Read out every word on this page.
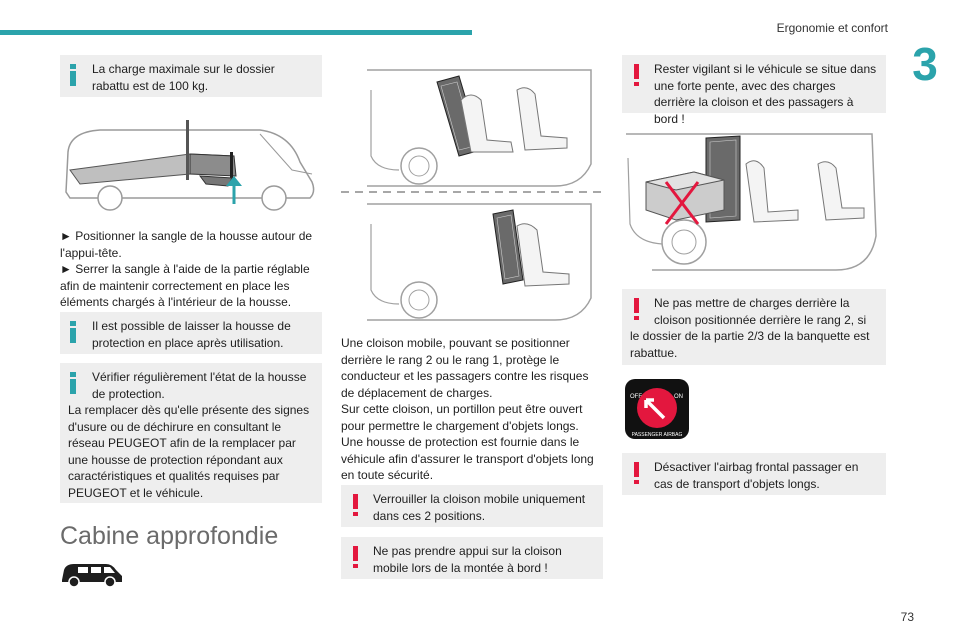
Ergonomie et confort
3
73
La charge maximale sur le dossier rabattu est de 100 kg.

► Positionner la sangle de la housse autour de l'appui-tête.

► Serrer la sangle à l'aide de la partie réglable afin de maintenir correctement en place les éléments chargés à l'intérieur de la housse.

Il est possible de laisser la housse de protection en place après utilisation.
Vérifier régulièrement l'état de la housse de protection.
La remplacer dès qu'elle présente des signes d'usure ou de déchirure en consultant le réseau PEUGEOT afin de la remplacer par une housse de protection répondant aux caractéristiques et qualités requises par PEUGEOT et le véhicule.
Cabine approfondie

Une cloison mobile, pouvant se positionner derrière le rang 2 ou le rang 1, protège le conducteur et les passagers contre les risques de déplacement de charges.

Sur cette cloison, un portillon peut être ouvert pour permettre le chargement d'objets longs.

Une housse de protection est fournie dans le véhicule afin d'assurer le transport d'objets long en toute sécurité.

Verrouiller la cloison mobile uniquement dans ces 2 positions.
Ne pas prendre appui sur la cloison mobile lors de la montée à bord !
Rester vigilant si le véhicule se situe dans une forte pente, avec des charges derrière la cloison et des passagers à bord !
Ne pas mettre de charges derrière la cloison positionnée derrière le rang 2, si
le dossier de la partie 2/3 de la banquette est rabattue.
OFF	ON
PASSENGER AIRBAG
Désactiver l'airbag frontal passager en cas de transport d'objets longs.
